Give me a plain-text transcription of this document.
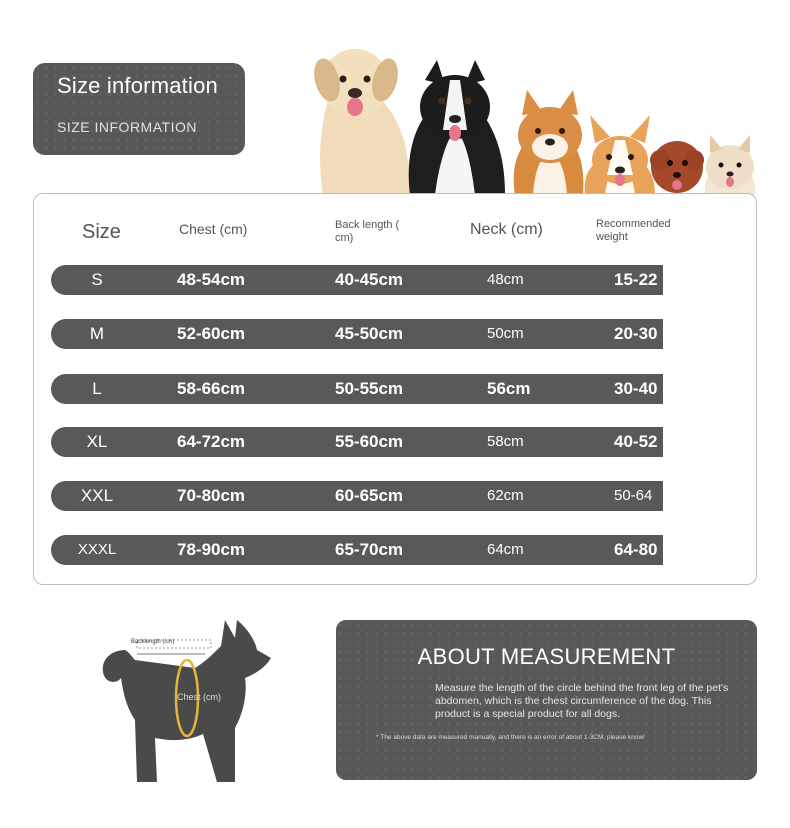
Size information
SIZE INFORMATION
Size	Chest (cm)	Back length ( cm)	Neck (cm)	Recommended weight
S	48-54cm	40-45cm	48cm	15-22
M	52-60cm	45-50cm	50cm	20-30
L	58-66cm	50-55cm	56cm	30-40
XL	64-72cm	55-60cm	58cm	40-52
XXL	70-80cm	60-65cm	62cm	50-64
XXXL	78-90cm	65-70cm	64cm	64-80
Backlength (cm)
Chest (cm)
ABOUT MEASUREMENT
Measure the length of the circle behind the front leg of the pet's abdomen, which is the chest circumference of the dog. This product is a special product for all dogs.
* The above data are measured manually, and there is an error of about 1-3CM, please know!
